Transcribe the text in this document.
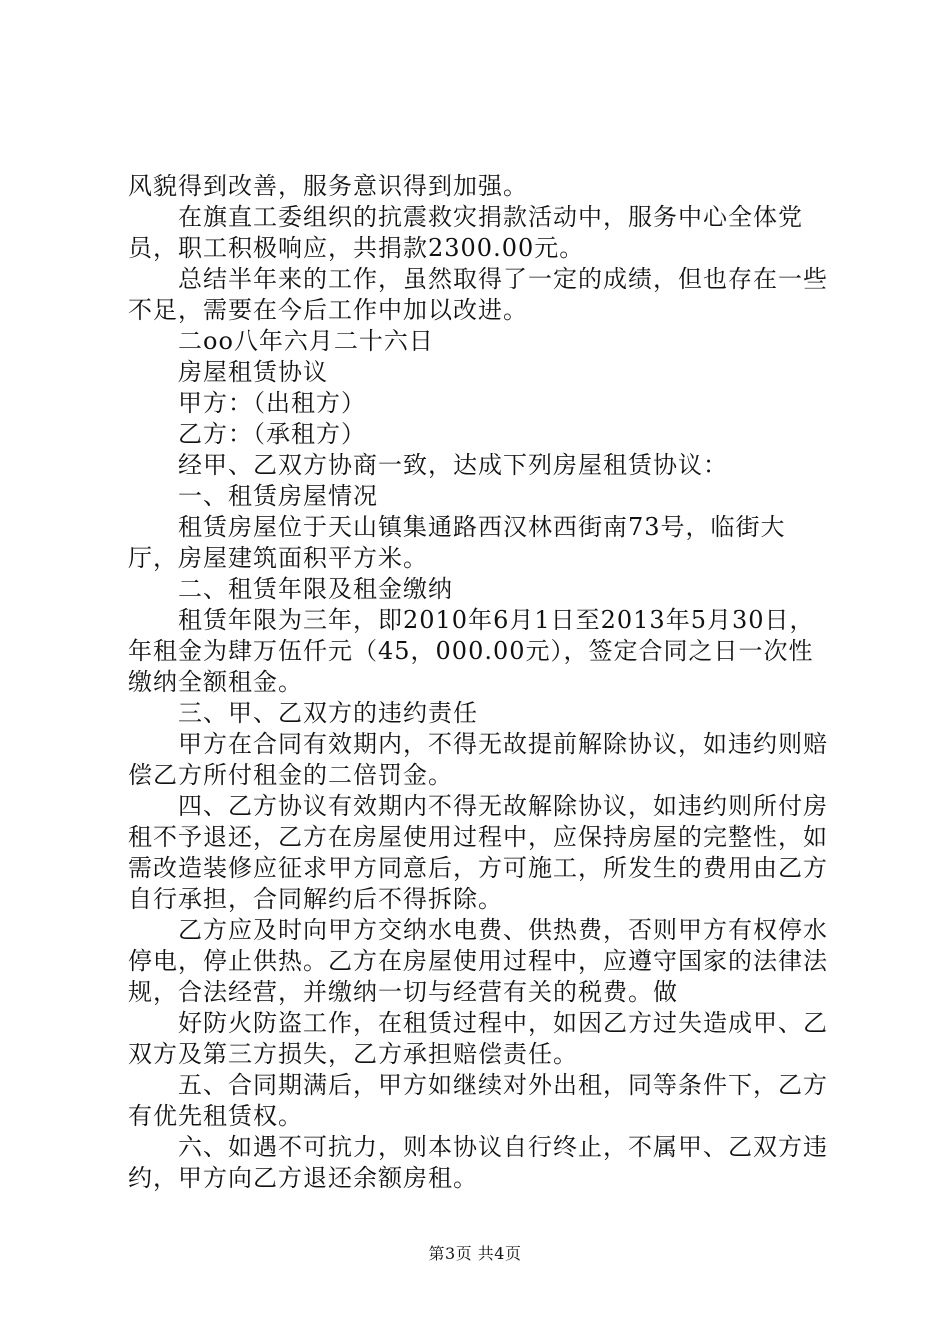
风貌得到改善，服务意识得到加强。

在旗直工委组织的抗震救灾捐款活动中，服务中心全体党员，职工积极响应，共捐款2300.00元。

总结半年来的工作，虽然取得了一定的成绩，但也存在一些不足，需要在今后工作中加以改进。

二oo八年六月二十六日

房屋租赁协议

甲方：（出租方）

乙方：（承租方）

经甲、乙双方协商一致，达成下列房屋租赁协议：

一、租赁房屋情况

租赁房屋位于天山镇集通路西汉林西街南73号，临街大厅，房屋建筑面积平方米。

二、租赁年限及租金缴纳

租赁年限为三年，即2010年6月1日至2013年5月30日，年租金为肆万伍仟元（45，000.00元），签定合同之日一次性缴纳全额租金。

三、甲、乙双方的违约责任

甲方在合同有效期内，不得无故提前解除协议，如违约则赔偿乙方所付租金的二倍罚金。

四、乙方协议有效期内不得无故解除协议，如违约则所付房租不予退还，乙方在房屋使用过程中，应保持房屋的完整性，如需改造装修应征求甲方同意后，方可施工，所发生的费用由乙方自行承担，合同解约后不得拆除。

乙方应及时向甲方交纳水电费、供热费，否则甲方有权停水停电，停止供热。乙方在房屋使用过程中，应遵守国家的法律法规，合法经营，并缴纳一切与经营有关的税费。做

好防火防盗工作，在租赁过程中，如因乙方过失造成甲、乙双方及第三方损失，乙方承担赔偿责任。

五、合同期满后，甲方如继续对外出租，同等条件下，乙方有优先租赁权。

六、如遇不可抗力，则本协议自行终止，不属甲、乙双方违约，甲方向乙方退还余额房租。

第3页 共4页
